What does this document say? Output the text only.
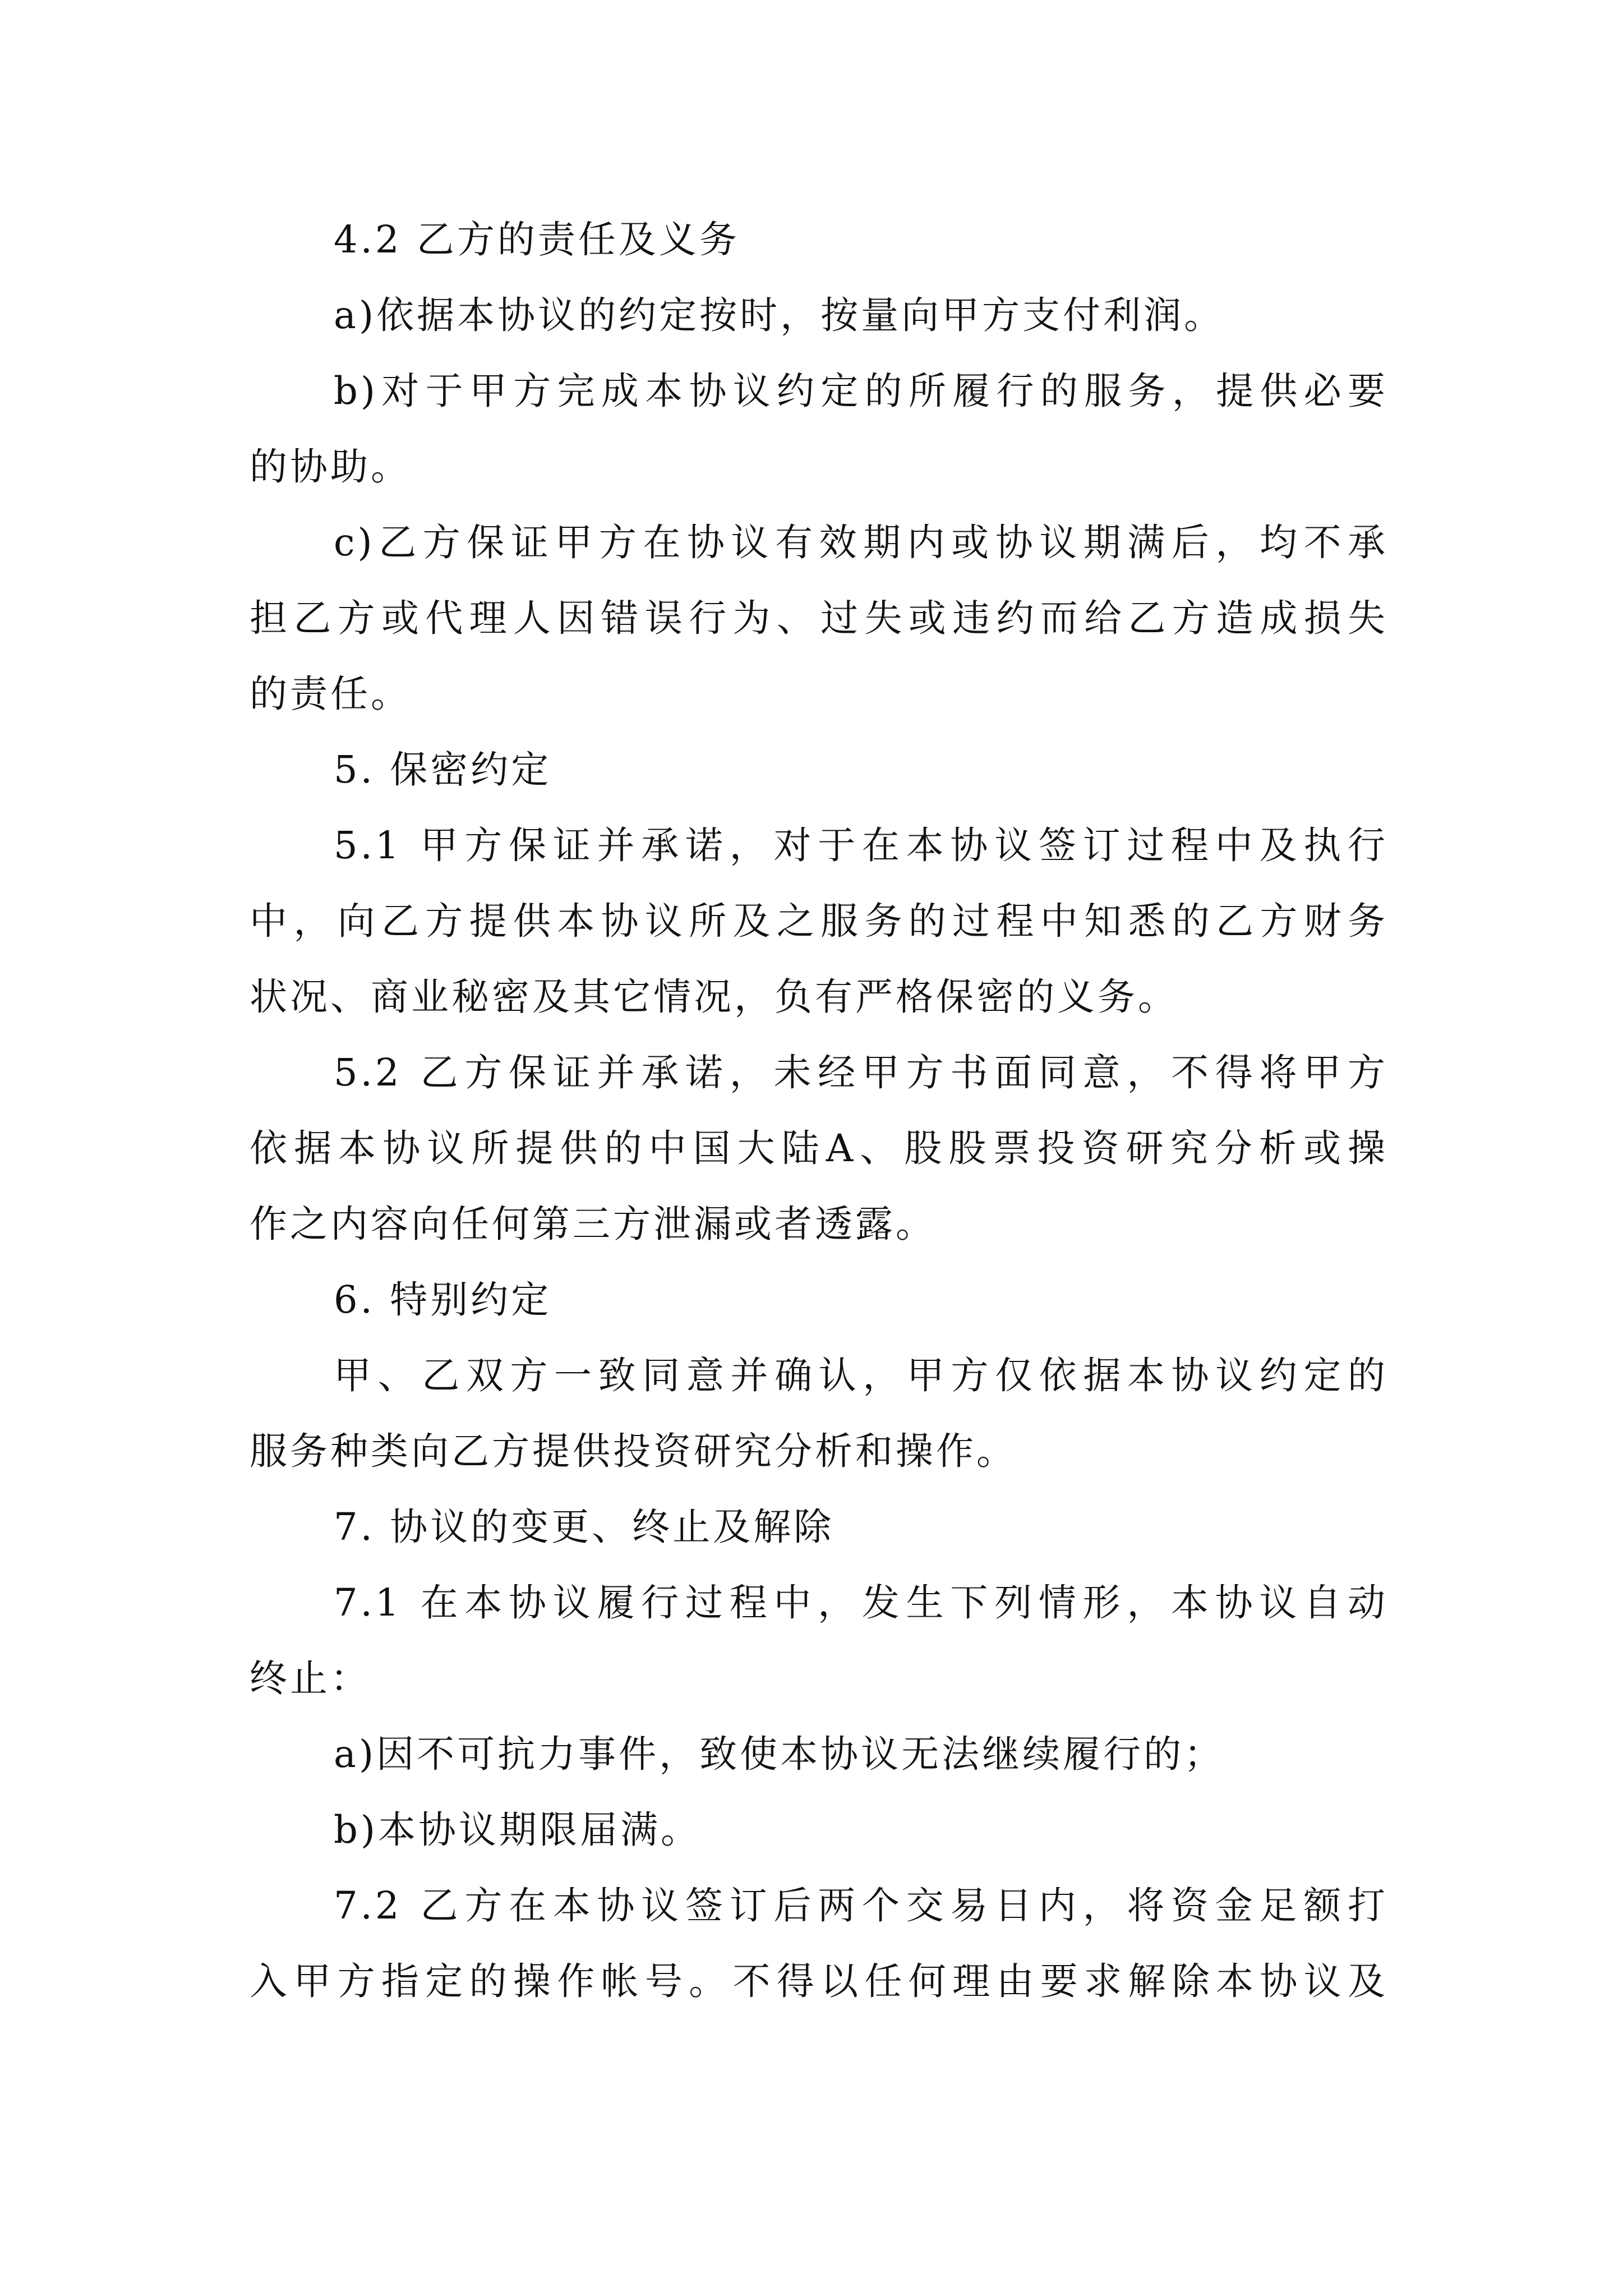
4.2 乙方的责任及义务
a)依据本协议的约定按时，按量向甲方支付利润。
b)对于甲方完成本协议约定的所履行的服务，提供必要
的协助。
c)乙方保证甲方在协议有效期内或协议期满后，均不承
担乙方或代理人因错误行为、过失或违约而给乙方造成损失
的责任。
5. 保密约定
5.1 甲方保证并承诺，对于在本协议签订过程中及执行
中，向乙方提供本协议所及之服务的过程中知悉的乙方财务
状况、商业秘密及其它情况，负有严格保密的义务。
5.2 乙方保证并承诺，未经甲方书面同意，不得将甲方
依据本协议所提供的中国大陆A、股股票投资研究分析或操
作之内容向任何第三方泄漏或者透露。
6. 特别约定
甲、乙双方一致同意并确认，甲方仅依据本协议约定的
服务种类向乙方提供投资研究分析和操作。
7. 协议的变更、终止及解除
7.1 在本协议履行过程中，发生下列情形，本协议自动
终止：
a)因不可抗力事件，致使本协议无法继续履行的；
b)本协议期限届满。
7.2 乙方在本协议签订后两个交易日内，将资金足额打
入甲方指定的操作帐号。不得以任何理由要求解除本协议及
